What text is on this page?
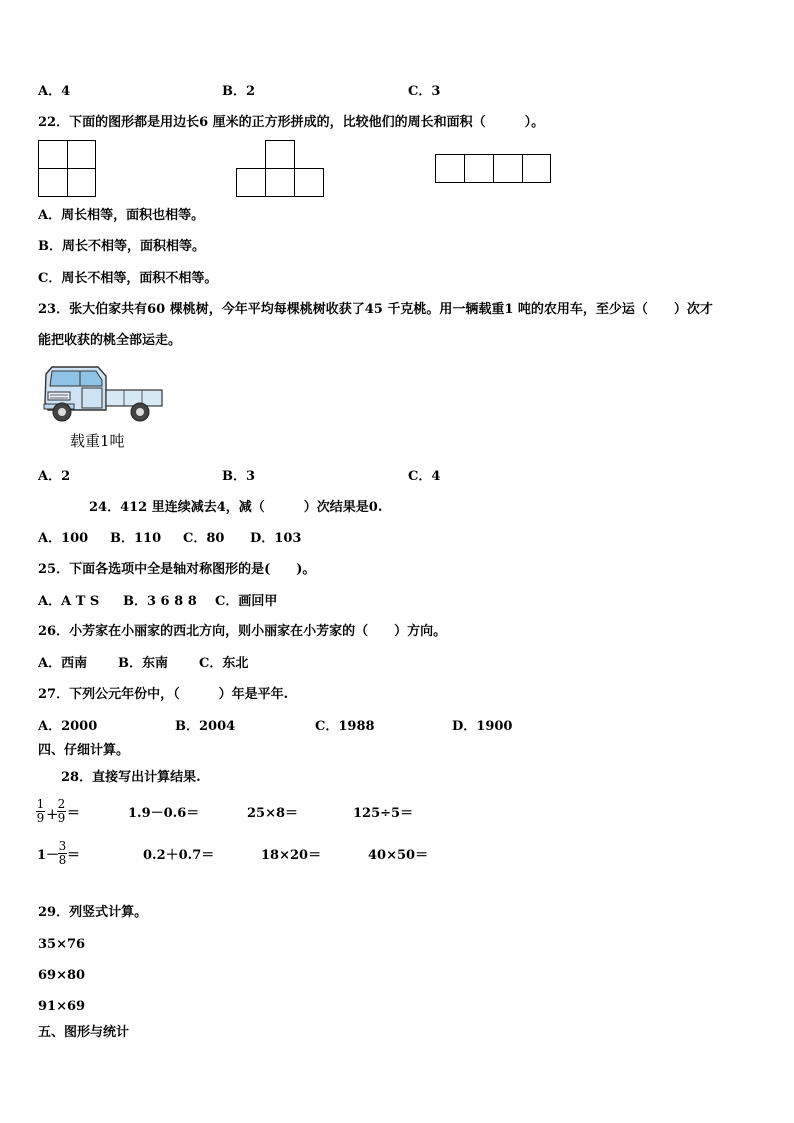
A．4	B．2	C．3
22．下面的图形都是用边长6 厘米的正方形拼成的，比较他们的周长和面积（　　　）。
A．周长相等，面积也相等。
B．周长不相等，面积相等。
C．周长不相等，面积不相等。
23．张大伯家共有60 棵桃树，今年平均每棵桃树收获了45 千克桃。用一辆载重1 吨的农用车，至少运（　　）次才
能把收获的桃全部运走。
载重1吨
A．2	B．3	C．4
24．412 里连续减去4，减（　　　）次结果是0.
A．100 B．110 C．80 D．103
25．下面各选项中全是轴对称图形的是(　　)。
A．A T S B．3 6 8 8 C．画回甲
26．小芳家在小丽家的西北方向，则小丽家在小芳家的（　　）方向。
A．西南 B．东南 C．东北
27．下列公元年份中，（　　　）年是平年.
A．2000	B．2004	C．1988	D．1900
四、仔细计算。
28．直接写出计算结果.
$\frac{1}{9}$ +
$\frac{2}{9}$ ＝	1.9－0.6＝	25×8＝	125÷5＝
1－
$\frac{3}{8}$ ＝	0.2＋0.7＝	18×20＝	40×50＝
29．列竖式计算。
35×76
69×80
91×69
五、图形与统计
